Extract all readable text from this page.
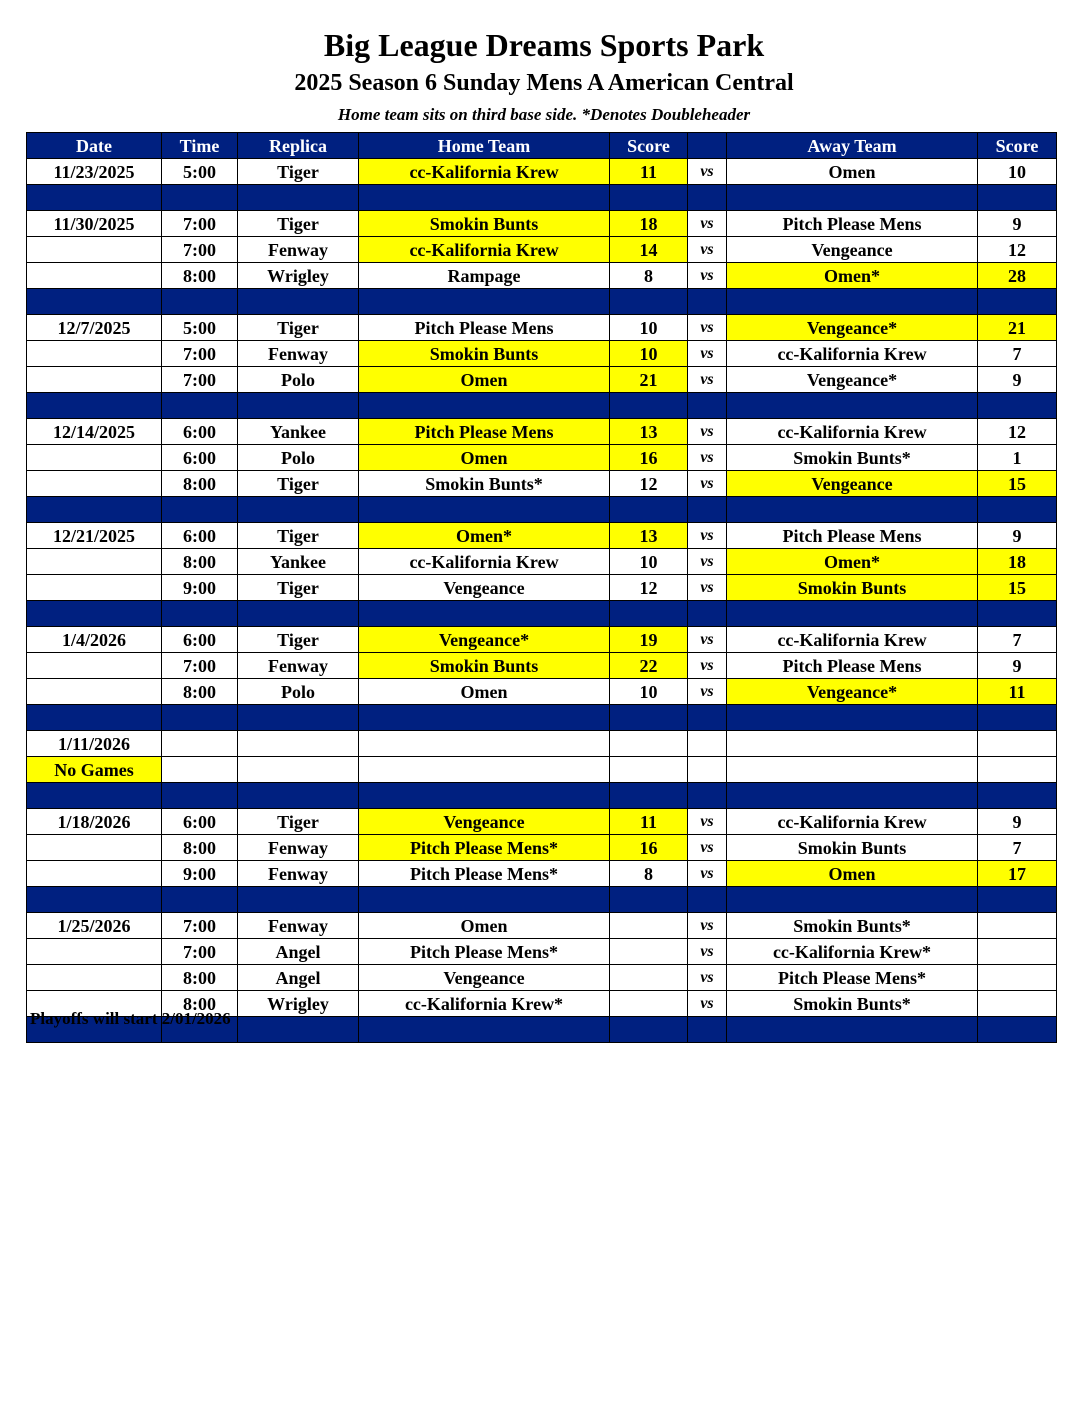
Big League Dreams Sports Park
2025 Season 6 Sunday Mens A American Central
Home team sits on third base side. *Denotes Doubleheader
Date	Time	Replica	Home Team	Score		Away Team	Score
11/23/2025	5:00	Tiger	cc-Kalifornia Krew	11	vs	Omen	10

11/30/2025	7:00	Tiger	Smokin Bunts	18	vs	Pitch Please Mens	9
	7:00	Fenway	cc-Kalifornia Krew	14	vs	Vengeance	12
	8:00	Wrigley	Rampage	8	vs	Omen*	28

12/7/2025	5:00	Tiger	Pitch Please Mens	10	vs	Vengeance*	21
	7:00	Fenway	Smokin Bunts	10	vs	cc-Kalifornia Krew	7
	7:00	Polo	Omen	21	vs	Vengeance*	9

12/14/2025	6:00	Yankee	Pitch Please Mens	13	vs	cc-Kalifornia Krew	12
	6:00	Polo	Omen	16	vs	Smokin Bunts*	1
	8:00	Tiger	Smokin Bunts*	12	vs	Vengeance	15

12/21/2025	6:00	Tiger	Omen*	13	vs	Pitch Please Mens	9
	8:00	Yankee	cc-Kalifornia Krew	10	vs	Omen*	18
	9:00	Tiger	Vengeance	12	vs	Smokin Bunts	15

1/4/2026	6:00	Tiger	Vengeance*	19	vs	cc-Kalifornia Krew	7
	7:00	Fenway	Smokin Bunts	22	vs	Pitch Please Mens	9
	8:00	Polo	Omen	10	vs	Vengeance*	11

1/11/2026							
No Games							

1/18/2026	6:00	Tiger	Vengeance	11	vs	cc-Kalifornia Krew	9
	8:00	Fenway	Pitch Please Mens*	16	vs	Smokin Bunts	7
	9:00	Fenway	Pitch Please Mens*	8	vs	Omen	17

1/25/2026	7:00	Fenway	Omen		vs	Smokin Bunts*	
	7:00	Angel	Pitch Please Mens*		vs	cc-Kalifornia Krew*	
	8:00	Angel	Vengeance		vs	Pitch Please Mens*	
	8:00	Wrigley	cc-Kalifornia Krew*		vs	Smokin Bunts*	

Playoffs will start 2/01/2026
